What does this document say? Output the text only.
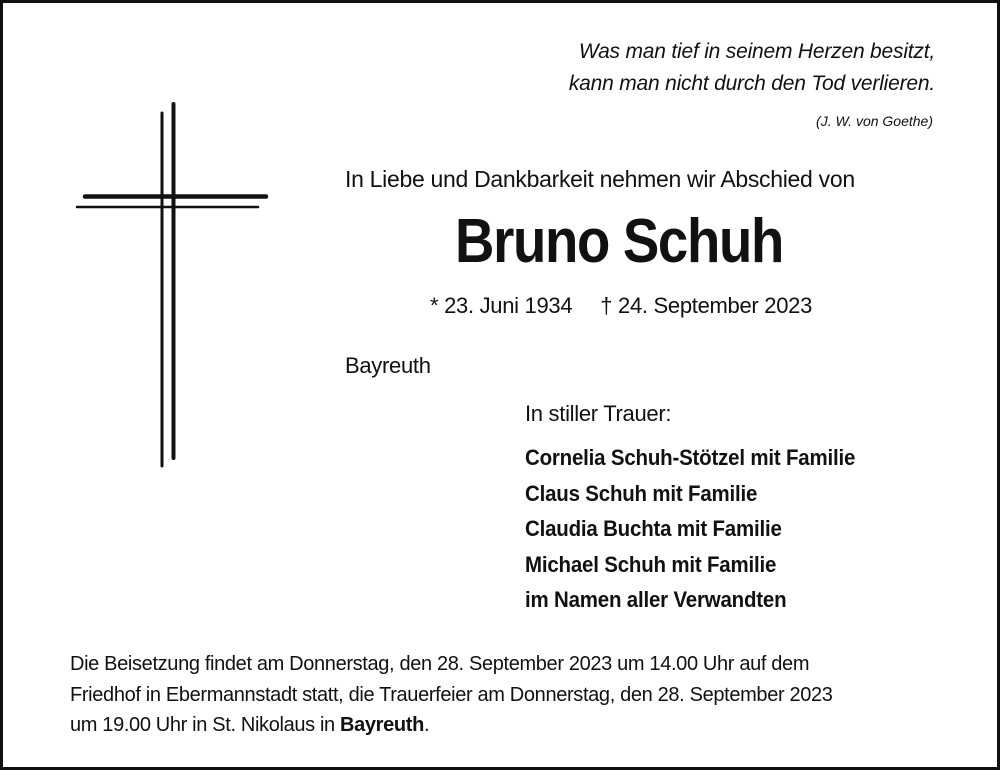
Was man tief in seinem Herzen besitzt,
kann man nicht durch den Tod verlieren.
(J. W. von Goethe)
In Liebe und Dankbarkeit nehmen wir Abschied von
Bruno Schuh
* 23. Juni 1934 † 24. September 2023
Bayreuth
In stiller Trauer:
Cornelia Schuh-Stötzel mit Familie
Claus Schuh mit Familie
Claudia Buchta mit Familie
Michael Schuh mit Familie
im Namen aller Verwandten
Die Beisetzung findet am Donnerstag, den 28. September 2023 um 14.00 Uhr auf dem
Friedhof in Ebermannstadt statt, die Trauerfeier am Donnerstag, den 28. September 2023
um 19.00 Uhr in St. Nikolaus in Bayreuth.
